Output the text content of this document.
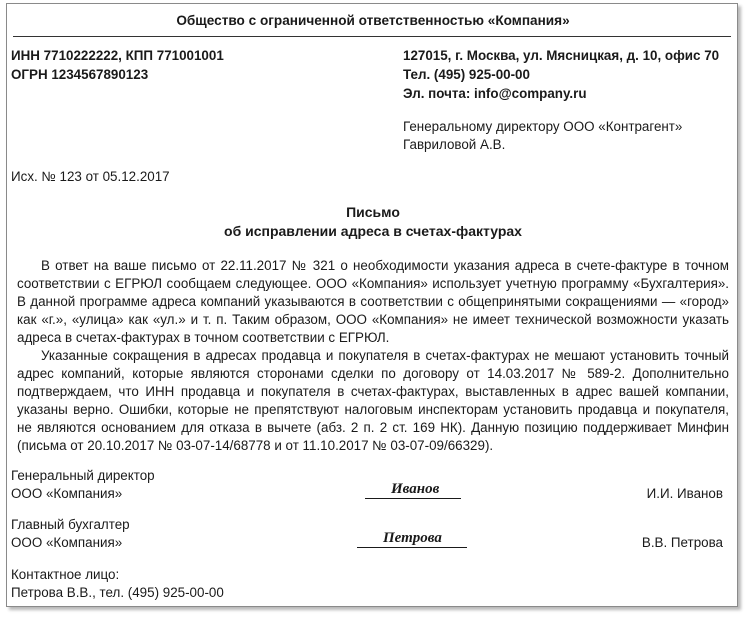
Общество с ограниченной ответственностью «Компания»
ИНН 7710222222, КПП 771001001
ОГРН 1234567890123
127015, г. Москва, ул. Мясницкая, д. 10, офис 70
Тел. (495) 925-00-00
Эл. почта: info@company.ru
Генеральному директору ООО «Контрагент»
Гавриловой А.В.
Исх. № 123 от 05.12.2017
Письмо
об исправлении адреса в счетах-фактурах

В ответ на ваше письмо от 22.11.2017 № 321 о необходимости указания адреса в счете-фактуре в точном соответствии с ЕГРЮЛ сообщаем следующее. ООО «Компания» использует учетную программу «Бухгалтерия». В данной программе адреса компаний указываются в соответствии с общепринятыми сокращениями — «город» как «г.», «улица» как «ул.» и т. п. Таким образом, ООО «Компания» не имеет технической возможности указать адреса в счетах-фактурах в точном соответствии с ЕГРЮЛ.

Указанные сокращения в адресах продавца и покупателя в счетах-фактурах не мешают установить точный адрес компаний, которые являются сторонами сделки по договору от 14.03.2017 № 589-2. Дополнительно подтверждаем, что ИНН продавца и покупателя в счетах-фактурах, выставленных в адрес вашей компании, указаны верно. Ошибки, которые не препятствуют налоговым инспекторам установить продавца и покупателя, не являются основанием для отказа в вычете (абз. 2 п. 2 ст. 169 НК). Данную позицию поддерживает Минфин (письма от 20.10.2017 № 03-07-14/68778 и от 11.10.2017 № 03-07-09/66329).

Генеральный директор
ООО «Компания»	Иванов	И.И. Иванов
Главный бухгалтер
ООО «Компания»	Петрова	В.В. Петрова
Контактное лицо:
Петрова В.В., тел. (495) 925-00-00
